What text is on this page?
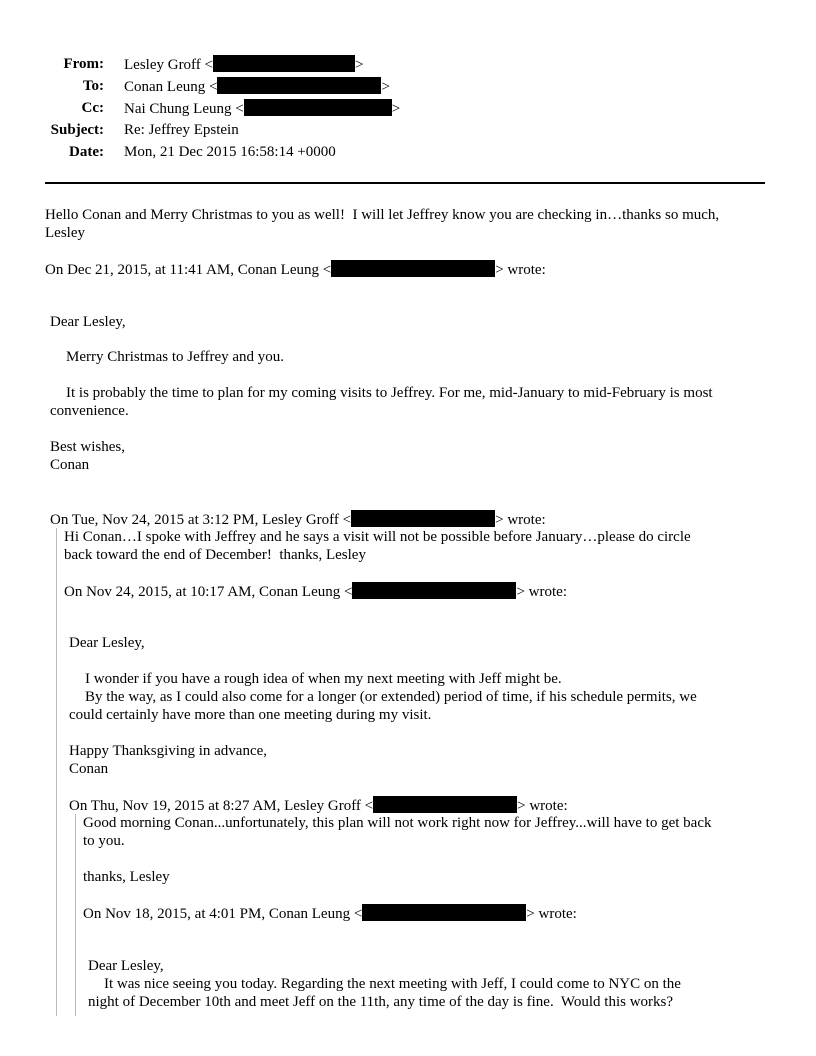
From: Lesley Groff <	>
To: Conan Leung <	>
Cc: Nai Chung Leung <	>
Subject: Re: Jeffrey Epstein
Date: Mon, 21 Dec 2015 16:58:14 +0000

Hello Conan and Merry Christmas to you as well!  I will let Jeffrey know you are checking in…thanks so much,

Lesley

On Dec 21, 2015, at 11:41 AM, Conan Leung <	> wrote:

Dear Lesley,

Merry Christmas to Jeffrey and you.

It is probably the time to plan for my coming visits to Jeffrey. For me, mid-January to mid-February is most

convenience.

Best wishes,

Conan

On Tue, Nov 24, 2015 at 3:12 PM, Lesley Groff <	> wrote:

Hi Conan…I spoke with Jeffrey and he says a visit will not be possible before January…please do circle

back toward the end of December!  thanks, Lesley

On Nov 24, 2015, at 10:17 AM, Conan Leung <	> wrote:

Dear Lesley,

I wonder if you have a rough idea of when my next meeting with Jeff might be.

By the way, as I could also come for a longer (or extended) period of time, if his schedule permits, we

could certainly have more than one meeting during my visit.

Happy Thanksgiving in advance,

Conan

On Thu, Nov 19, 2015 at 8:27 AM, Lesley Groff <	> wrote:

Good morning Conan...unfortunately, this plan will not work right now for Jeffrey...will have to get back

to you.

thanks, Lesley

On Nov 18, 2015, at 4:01 PM, Conan Leung <	> wrote:

Dear Lesley,

It was nice seeing you today. Regarding the next meeting with Jeff, I could come to NYC on the

night of December 10th and meet Jeff on the 11th, any time of the day is fine.  Would this works?
